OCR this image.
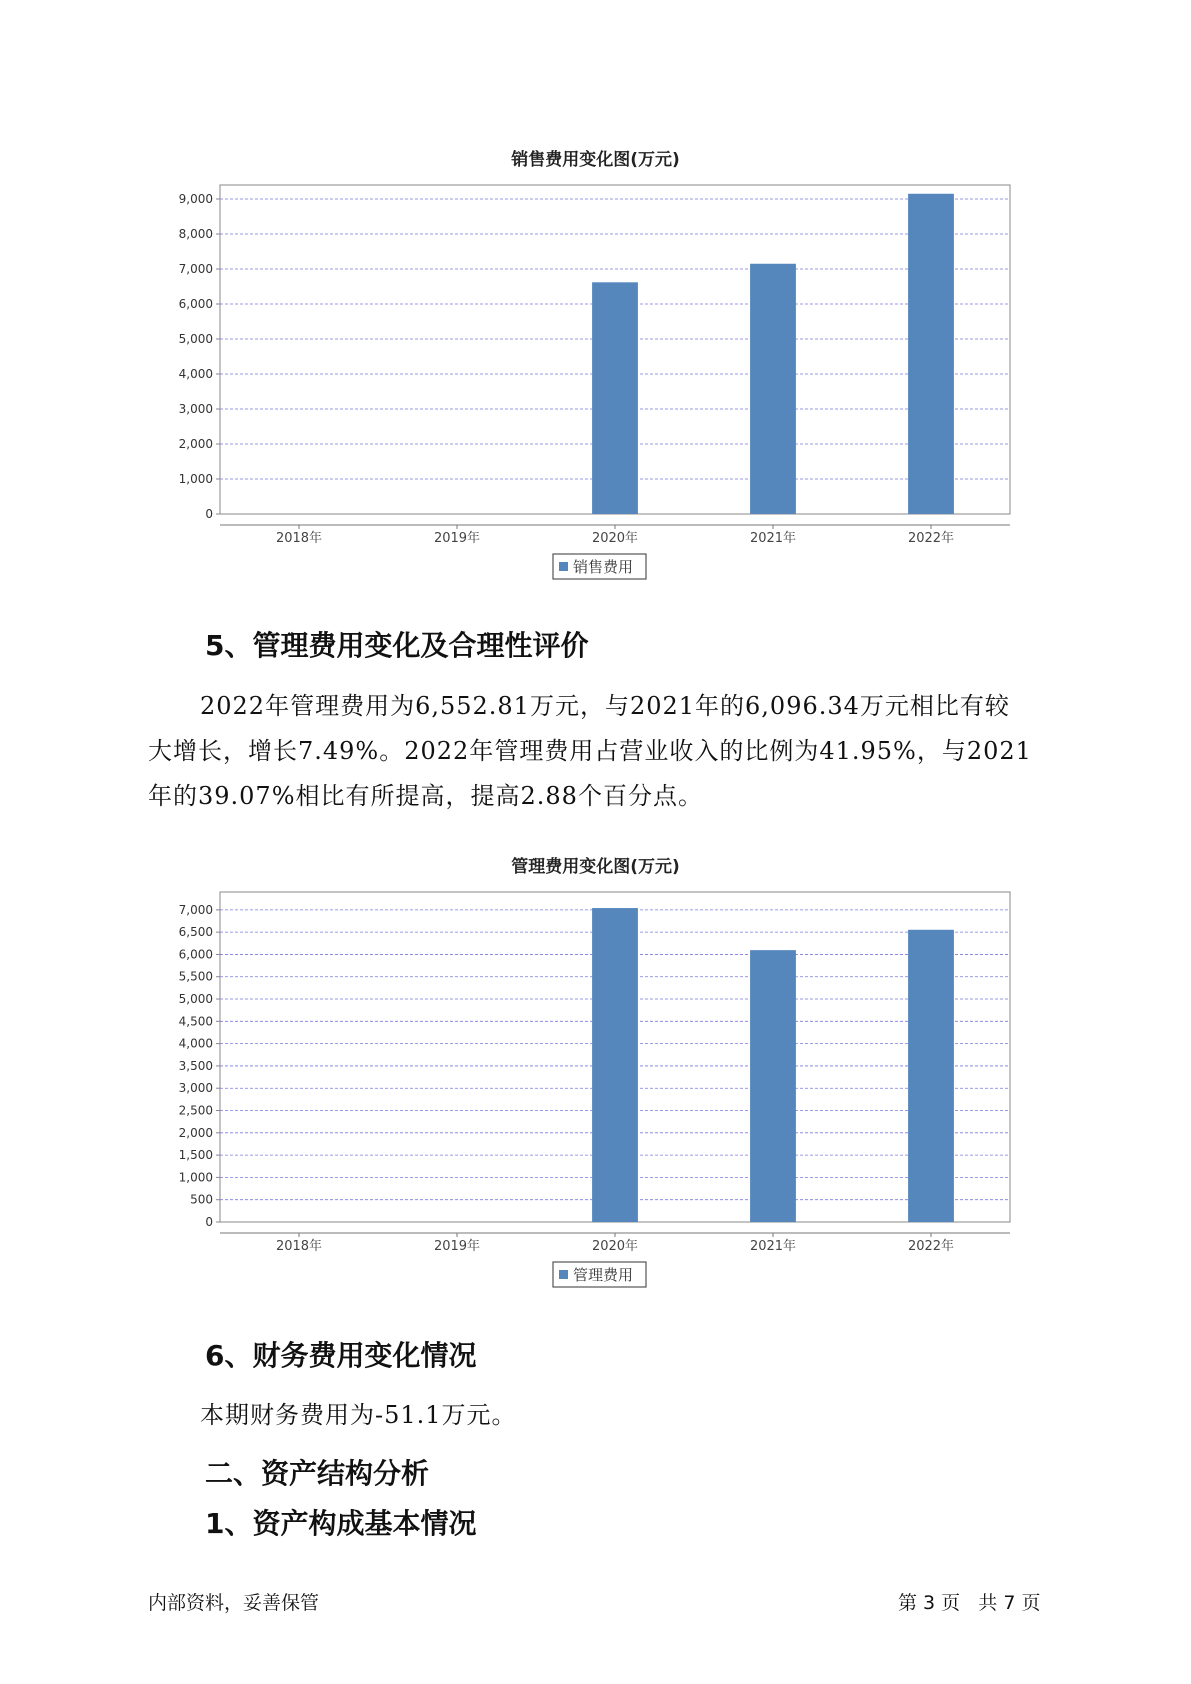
销售费用变化图(万元)
0
1,000
2,000
3,000
4,000
5,000
6,000
7,000
8,000
9,000
2018年	2019年	2020年	2021年	2022年
销售费用
5、管理费用变化及合理性评价
2022年管理费用为6,552.81万元，与2021年的6,096.34万元相比有较
大增长，增长7.49%。2022年管理费用占营业收入的比例为41.95%，与2021
年的39.07%相比有所提高，提高2.88个百分点。
管理费用变化图(万元)
0
500
1,000
1,500
2,000
2,500
3,000
3,500
4,000
4,500
5,000
5,500
6,000
6,500
7,000
2018年	2019年	2020年	2021年	2022年
管理费用
6、财务费用变化情况
本期财务费用为-51.1万元。
二、资产结构分析
1、资产构成基本情况
内部资料，妥善保管	第 3 页   共 7 页
